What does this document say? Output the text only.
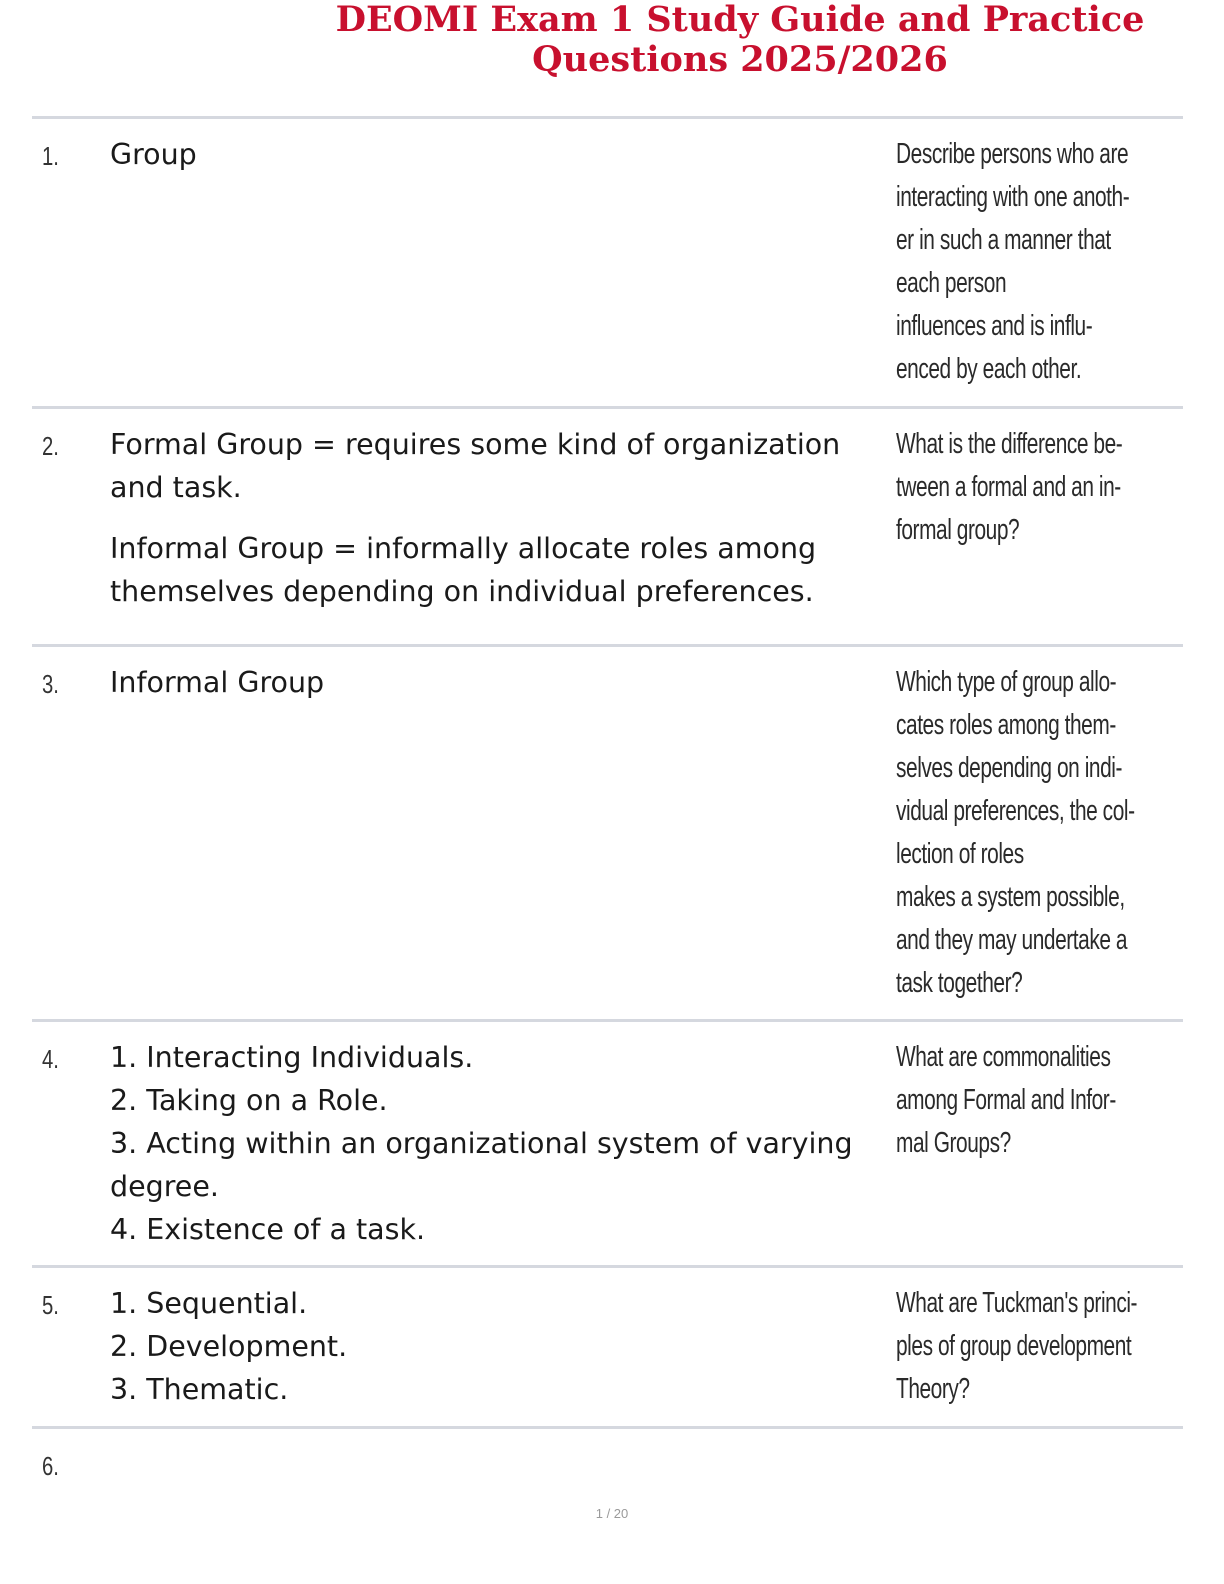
DEOMI Exam 1 Study Guide and Practice Questions 2025/2026
1. Group	Describe persons who are
interacting with one anoth-
er in such a manner that
each person
influences and is influ-
enced by each other.
2. Formal Group = requires some kind of organization and task.

Informal Group = informally allocate roles among themselves depending on individual preferences.

What is the difference be-
tween a formal and an in-
formal group?
3. Informal Group	Which type of group allo-
cates roles among them-
selves depending on indi-
vidual preferences, the col-
lection of roles
makes a system possible,
and they may undertake a
task together?
4. 1. Interacting Individuals.
2. Taking on a Role.
3. Acting within an organizational system of varying degree.
4. Existence of a task.
What are commonalities
among Formal and Infor-
mal Groups?
5. 1. Sequential.
2. Development.
3. Thematic.
What are Tuckman's princi-
ples of group development
Theory?
6.
1 / 20
